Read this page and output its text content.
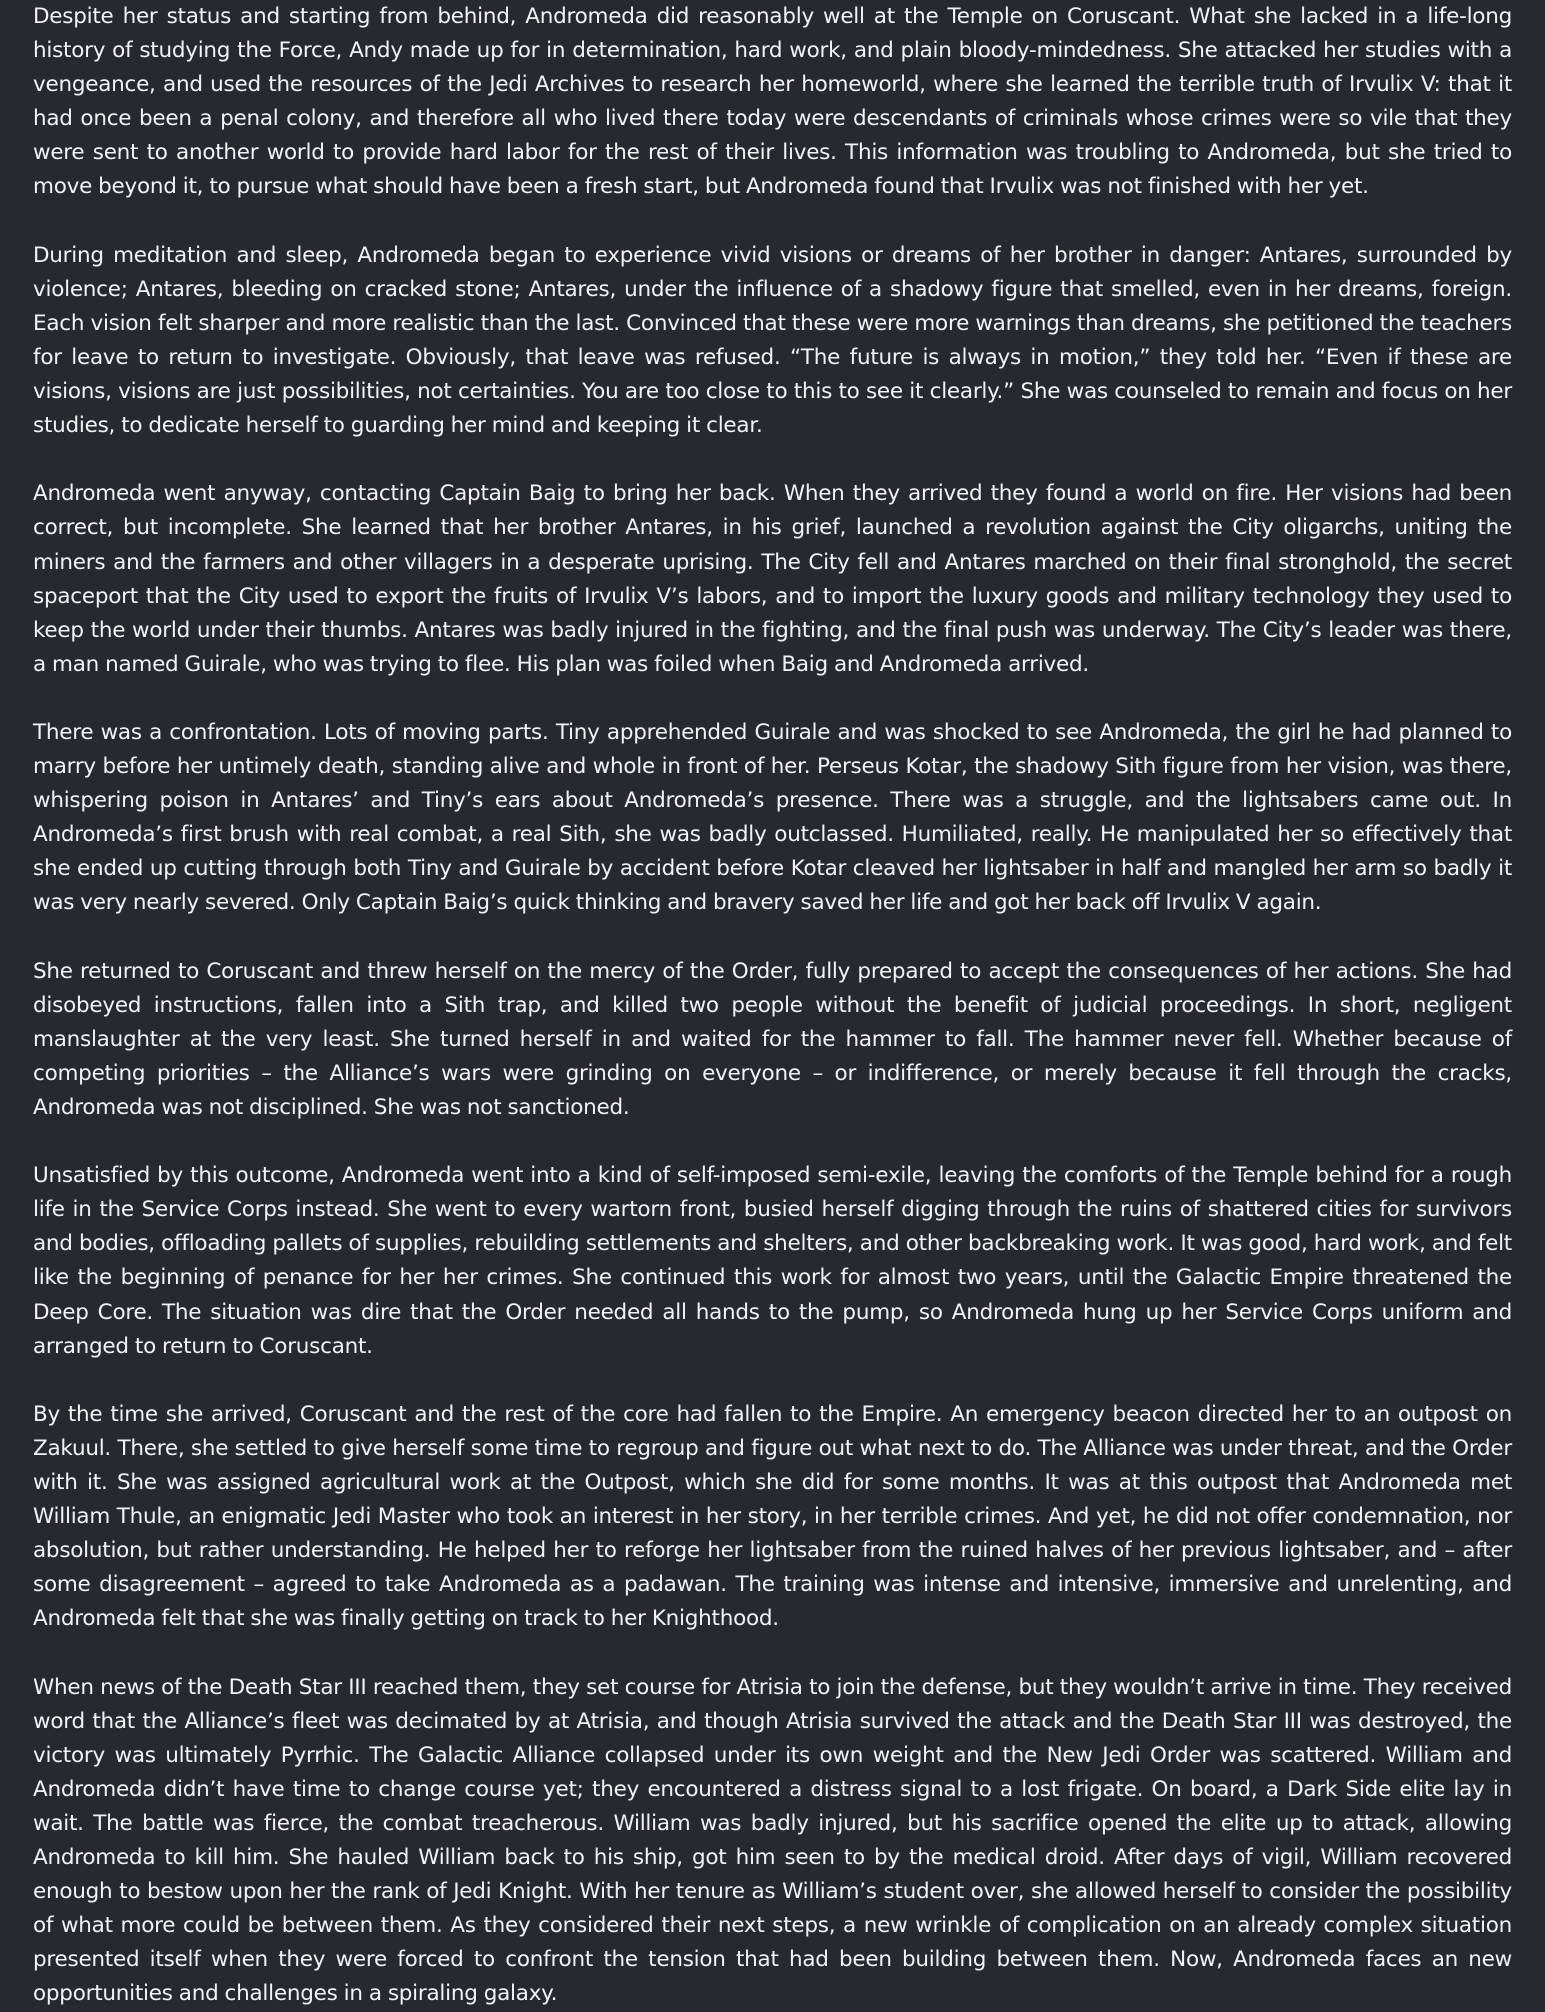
Despite her status and starting from behind, Andromeda did reasonably well at the Temple on Coruscant. What she lacked in a life-long history of studying the Force, Andy made up for in determination, hard work, and plain bloody-mindedness. She attacked her studies with a vengeance, and used the resources of the Jedi Archives to research her homeworld, where she learned the terrible truth of Irvulix V: that it had once been a penal colony, and therefore all who lived there today were descendants of criminals whose crimes were so vile that they were sent to another world to provide hard labor for the rest of their lives. This information was troubling to Andromeda, but she tried to move beyond it, to pursue what should have been a fresh start, but Andromeda found that Irvulix was not finished with her yet.

During meditation and sleep, Andromeda began to experience vivid visions or dreams of her brother in danger: Antares, surrounded by violence; Antares, bleeding on cracked stone; Antares, under the influence of a shadowy figure that smelled, even in her dreams, foreign. Each vision felt sharper and more realistic than the last. Convinced that these were more warnings than dreams, she petitioned the teachers for leave to return to investigate. Obviously, that leave was refused. “The future is always in motion,” they told her. “Even if these are visions, visions are just possibilities, not certainties. You are too close to this to see it clearly.” She was counseled to remain and focus on her studies, to dedicate herself to guarding her mind and keeping it clear.

Andromeda went anyway, contacting Captain Baig to bring her back. When they arrived they found a world on fire. Her visions had been correct, but incomplete. She learned that her brother Antares, in his grief, launched a revolution against the City oligarchs, uniting the miners and the farmers and other villagers in a desperate uprising. The City fell and Antares marched on their final stronghold, the secret spaceport that the City used to export the fruits of Irvulix V’s labors, and to import the luxury goods and military technology they used to keep the world under their thumbs. Antares was badly injured in the fighting, and the final push was underway. The City’s leader was there, a man named Guirale, who was trying to flee. His plan was foiled when Baig and Andromeda arrived.

There was a confrontation. Lots of moving parts. Tiny apprehended Guirale and was shocked to see Andromeda, the girl he had planned to marry before her untimely death, standing alive and whole in front of her. Perseus Kotar, the shadowy Sith figure from her vision, was there, whispering poison in Antares’ and Tiny’s ears about Andromeda’s presence. There was a struggle, and the lightsabers came out. In Andromeda’s first brush with real combat, a real Sith, she was badly outclassed. Humiliated, really. He manipulated her so effectively that she ended up cutting through both Tiny and Guirale by accident before Kotar cleaved her lightsaber in half and mangled her arm so badly it was very nearly severed. Only Captain Baig’s quick thinking and bravery saved her life and got her back off Irvulix V again.

She returned to Coruscant and threw herself on the mercy of the Order, fully prepared to accept the consequences of her actions. She had disobeyed instructions, fallen into a Sith trap, and killed two people without the benefit of judicial proceedings. In short, negligent manslaughter at the very least. She turned herself in and waited for the hammer to fall. The hammer never fell. Whether because of competing priorities – the Alliance’s wars were grinding on everyone – or indifference, or merely because it fell through the cracks, Andromeda was not disciplined. She was not sanctioned.

Unsatisfied by this outcome, Andromeda went into a kind of self-imposed semi-exile, leaving the comforts of the Temple behind for a rough life in the Service Corps instead. She went to every wartorn front, busied herself digging through the ruins of shattered cities for survivors and bodies, offloading pallets of supplies, rebuilding settlements and shelters, and other backbreaking work. It was good, hard work, and felt like the beginning of penance for her her crimes. She continued this work for almost two years, until the Galactic Empire threatened the Deep Core. The situation was dire that the Order needed all hands to the pump, so Andromeda hung up her Service Corps uniform and arranged to return to Coruscant.

By the time she arrived, Coruscant and the rest of the core had fallen to the Empire. An emergency beacon directed her to an outpost on Zakuul. There, she settled to give herself some time to regroup and figure out what next to do. The Alliance was under threat, and the Order with it. She was assigned agricultural work at the Outpost, which she did for some months. It was at this outpost that Andromeda met William Thule, an enigmatic Jedi Master who took an interest in her story, in her terrible crimes. And yet, he did not offer condemnation, nor absolution, but rather understanding. He helped her to reforge her lightsaber from the ruined halves of her previous lightsaber, and – after some disagreement – agreed to take Andromeda as a padawan. The training was intense and intensive, immersive and unrelenting, and Andromeda felt that she was finally getting on track to her Knighthood.

When news of the Death Star III reached them, they set course for Atrisia to join the defense, but they wouldn’t arrive in time. They received word that the Alliance’s fleet was decimated by at Atrisia, and though Atrisia survived the attack and the Death Star III was destroyed, the victory was ultimately Pyrrhic. The Galactic Alliance collapsed under its own weight and the New Jedi Order was scattered. William and Andromeda didn’t have time to change course yet; they encountered a distress signal to a lost frigate. On board, a Dark Side elite lay in wait. The battle was fierce, the combat treacherous. William was badly injured, but his sacrifice opened the elite up to attack, allowing Andromeda to kill him. She hauled William back to his ship, got him seen to by the medical droid. After days of vigil, William recovered enough to bestow upon her the rank of Jedi Knight. With her tenure as William’s student over, she allowed herself to consider the possibility of what more could be between them. As they considered their next steps, a new wrinkle of complication on an already complex situation presented itself when they were forced to confront the tension that had been building between them. Now, Andromeda faces an new opportunities and challenges in a spiraling galaxy.
